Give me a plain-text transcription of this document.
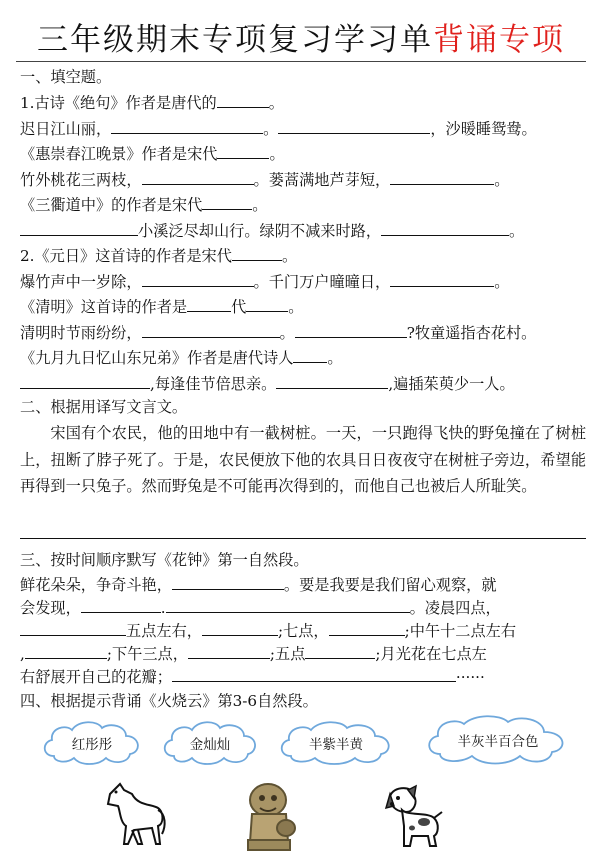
三年级期末专项复习学习单背诵专项
一、填空题。
1.古诗《绝句》作者是唐代的	。
迟日江山丽，	。	，沙暖睡鸳鸯。
《惠崇春江晚景》作者是宋代	。
竹外桃花三两枝，	。蒌蒿满地芦芽短，	。
《三衢道中》的作者是宋代	。
小溪泛尽却山行。绿阴不减来时路，	。
2.《元日》这首诗的作者是宋代	。
爆竹声中一岁除，	。千门万户曈曈日，	。
《清明》这首诗的作者是	代	。
清明时节雨纷纷，	。	?牧童遥指杏花村。
《九月九日忆山东兄弟》作者是唐代诗人 。
,每逢佳节倍思亲。	,遍插茱萸少一人。
二、根据用译写文言文。
宋国有个农民，他的田地中有一截树桩。一天，一只跑得飞快的野兔撞在了树桩上，扭断了脖子死了。于是，农民便放下他的农具日日夜夜守在树桩子旁边，希望能再得到一只兔子。然而野兔是不可能再次得到的，而他自己也被后人所耻笑。
三、按时间顺序默写《花钟》第一自然段。
鲜花朵朵，争奇斗艳，	。要是我要是我们留心观察，就
会发现，	.	。凌晨四点，
五点左右，	;七点，	;中午十二点左右
,	;下午三点，	;五点	;月光花在七点左
右舒展开自己的花瓣；	······
四、根据提示背诵《火烧云》第3-6自然段。
红彤彤	金灿灿	半紫半黄	半灰半百合色
